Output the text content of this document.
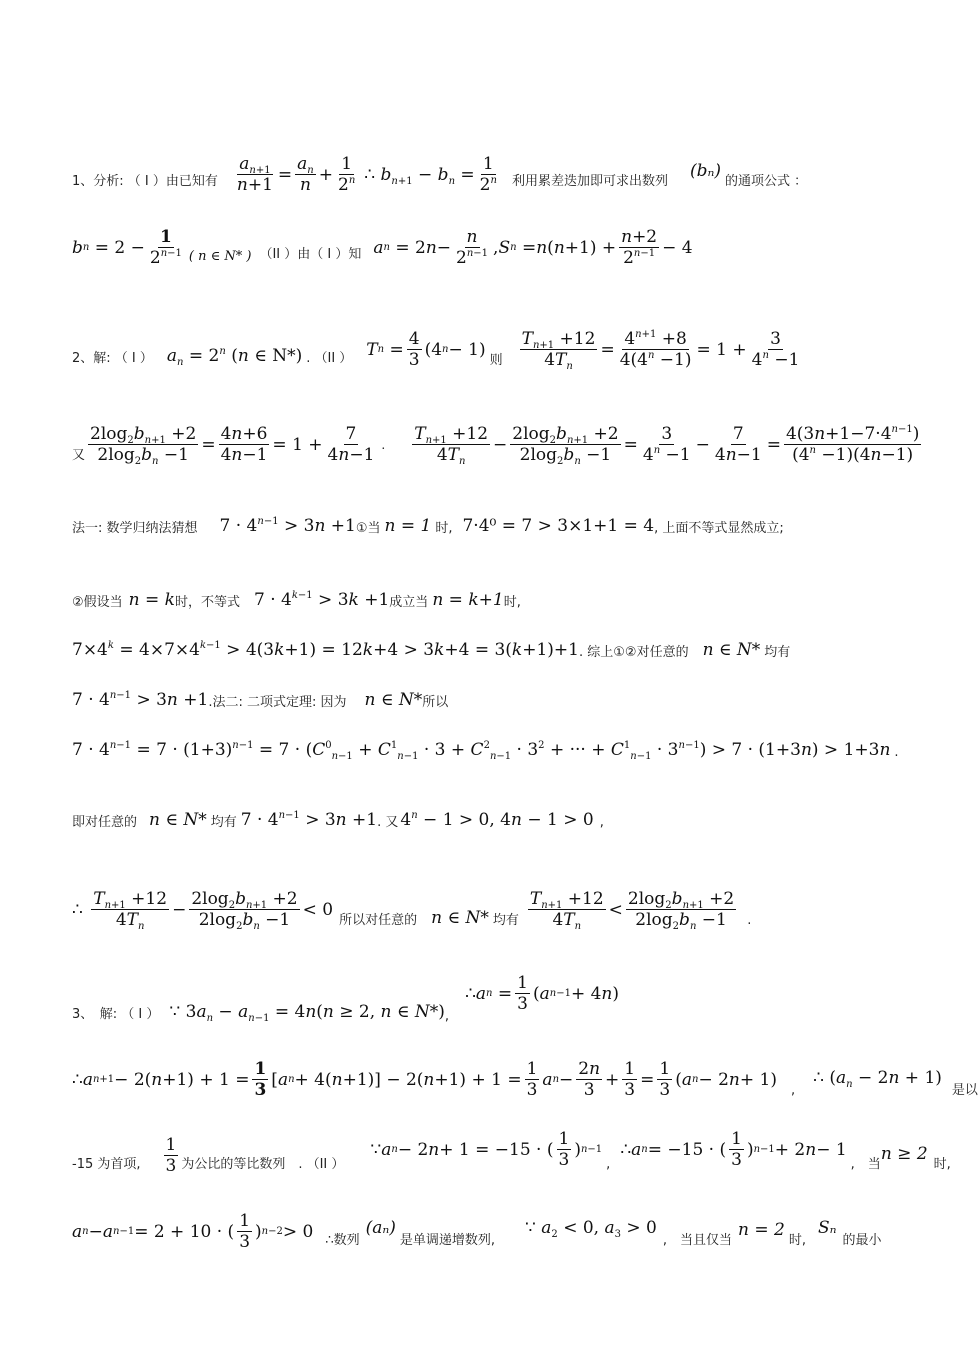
1、分析: （ I ）由已知有 $\frac{a_{n+1}}{n+1} = \frac{a_n}{n} + \frac{1}{2^n}$ ∴ $b_{n+1} - b_n = \frac{1}{2^n}$ 利用累差迭加即可求出数列
(bₙ)
的通项公式 ：
b $n = 2 - \frac{1}{2^{n-1}}$ ( n ∈ N* ) （II ）由（ I ）知 a n = 2 $n - \frac{n}{2^{n-1}}$ , S n = n ( $n +1) + \frac{n+2}{2^{n-1}} - 4$
2、解: （ I ） $a_n = 2^n$ (n ∈ N*) . （II ） T $n = \frac{4}{3} (4$ n − 1)
则 $\frac{T_{n+1} +12}{4T_n} = \frac{4^{n+1} +8}{4(4^n -1)} = 1 + \frac{3}{4^n -1}$
又 $\frac{2\log_2b_{n+1} +2}{2\log_2b_n -1} = \frac{4n+6}{4n-1} = 1 + \frac{7}{4n-1}$ . $\frac{T_{n+1} +12}{4T_n} - \frac{2\log_2b_{n+1} +2}{2\log_2b_n -1} = \frac{3}{4^n -1} - \frac{7}{4n-1} = \frac{4(3n+1-7\cdot 4^{n-1})}{(4^n -1)(4n-1)}$
法一: 数学归纳法猜想 $7 \cdot 4^{n-1} > 3n +1$ ①当 n = 1 时, 7·4⁰ = 7 > 3×1+1 = 4 , 上面不等式显然成立;
②假设当 n = k 时，不等式 $7 \cdot 4^{k-1} > 3k +1$ 成立当 n = k+1 时,
$7\times 4^k = 4\times 7\times 4^{k-1} > 4(3k+1) = 12k+4 > 3k+4 = 3(k+1)+1$ . 综上①②对任意的 n ∈ N* 均有
$7 \cdot 4^{n-1} > 3n +1$ .法二: 二项式定理: 因为 n ∈ N* 所以
$7 \cdot 4^{n-1} = 7 \cdot (1+3)^{n-1} = 7 \cdot (C^0_{n-1} + C^1_{n-1} \cdot 3 + C^2_{n-1} \cdot 3^2$ + ··· + $C^1_{n-1} \cdot 3^{n-1}) > 7 \cdot (1+3n) > 1+3n$ .
即对任意的 n ∈ N* 均有 $7 \cdot 4^{n-1} > 3n +1$ . 又 $4^n - 1 > 0$, 4n − 1 > 0 ,
∴ $\frac{T_{n+1} +12}{4T_n} - \frac{2\log_2b_{n+1} +2}{2\log_2b_n -1} < 0$
所以对任意的 n ∈ N* 均有 $\frac{T_{n+1} +12}{4T_n} < \frac{2\log_2b_{n+1} +2}{2\log_2b_n -1}$ .
3、　解: （ I ） ∵ $3a_n - a_{n-1} = 4n(n \ge 2$, n ∈ N*) ,
∴ a $n = \frac{1}{3}$ ( a n−1 + 4 n )
∴ a n+1 − 2( $n +1) + 1 = \frac{1}{3}$ [ a n + 4( n +1)] − 2( $n +1) + 1 = \frac{1}{3}$ a $n - \frac{2n}{3} + \frac{1}{3} = \frac{1}{3}$ ( a n − 2 n + 1)
,
∴ $(a_n - 2n + 1)$
是以
-15 为首项, $\frac{1}{3}$ 为公比的等比数列　. （II ）
∵ a n − 2 n + 1 = −15 · ( $\frac{1}{3}$ ) n−1
,
∴ a n = −15 · ( $\frac{1}{3}$ ) n−1 + 2 n − 1
,　当
n ≥ 2
时,
a n − a n−1 = 2 + 10 · ( $\frac{1}{3}$ ) n−2 > 0 ∴数列
(aₙ)
是单调递增数列,
∵ $a_2 < 0$, $a_3 > 0$
,　当且仅当
n = 2
时,
Sₙ
的最小
